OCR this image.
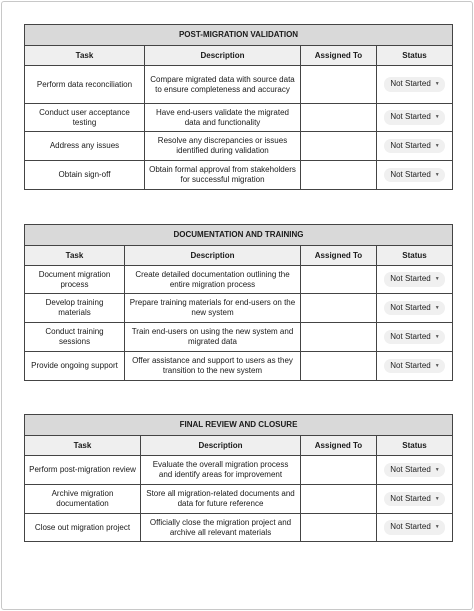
POST-MIGRATION VALIDATION			
Task	Description	Assigned To	Status
Perform data reconciliation	Compare migrated data with source data to ensure completeness and accuracy		Not Started ▼
Conduct user acceptance testing	Have end-users validate the migrated data and functionality		Not Started ▼
Address any issues	Resolve any discrepancies or issues identified during validation		Not Started ▼
Obtain sign-off	Obtain formal approval from stakeholders for successful migration		Not Started ▼
DOCUMENTATION AND TRAINING			
Task	Description	Assigned To	Status
Document migration process	Create detailed documentation outlining the entire migration process		Not Started ▼
Develop training materials	Prepare training materials for end-users on the new system		Not Started ▼
Conduct training sessions	Train end-users on using the new system and migrated data		Not Started ▼
Provide ongoing support	Offer assistance and support to users as they transition to the new system		Not Started ▼
FINAL REVIEW AND CLOSURE			
Task	Description	Assigned To	Status
Perform post-migration review	Evaluate the overall migration process and identify areas for improvement		Not Started ▼
Archive migration documentation	Store all migration-related documents and data for future reference		Not Started ▼
Close out migration project	Officially close the migration project and archive all relevant materials		Not Started ▼
